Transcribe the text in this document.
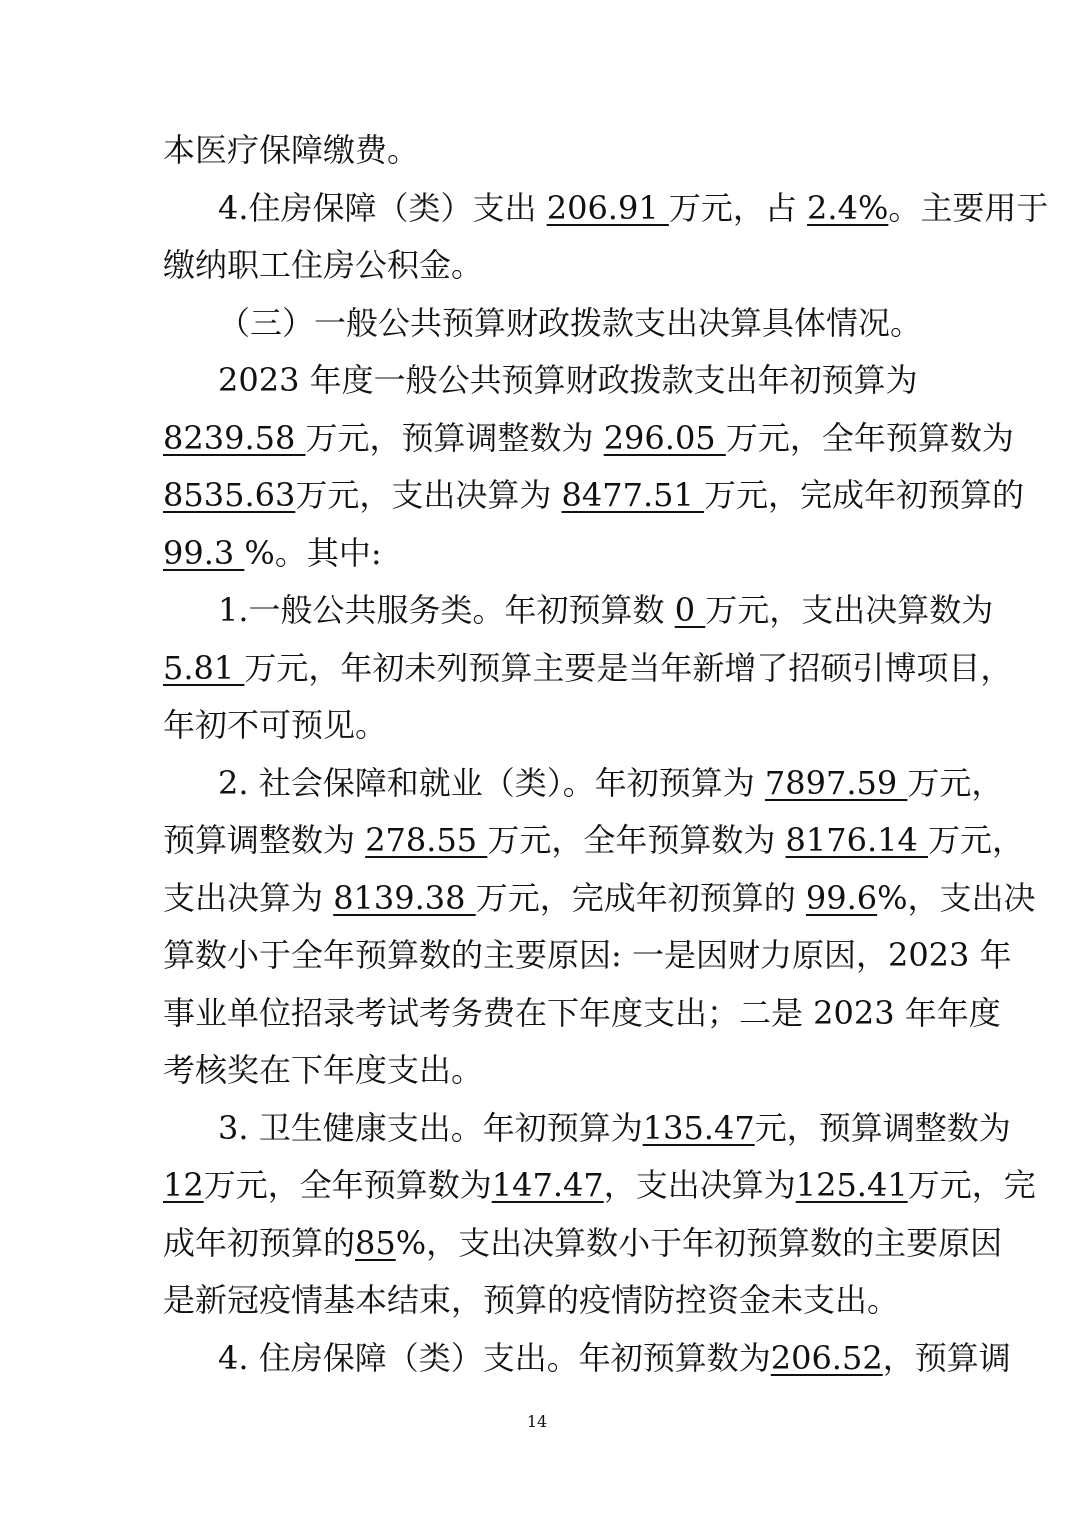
本医疗保障缴费。
4.住房保障（类）支出 206.91 万元，占 2.4%。主要用于
缴纳职工住房公积金。
（三）一般公共预算财政拨款支出决算具体情况。
2023 年度一般公共预算财政拨款支出年初预算为
8239.58 万元，预算调整数为 296.05 万元，全年预算数为
8535.63万元，支出决算为 8477.51 万元，完成年初预算的
99.3 %。其中:
1.一般公共服务类。年初预算数 0 万元，支出决算数为
5.81 万元，年初未列预算主要是当年新增了招硕引博项目，
年初不可预见。
2. 社会保障和就业（类）。年初预算为 7897.59 万元，
预算调整数为 278.55 万元，全年预算数为 8176.14 万元，
支出决算为 8139.38 万元，完成年初预算的 99.6%，支出决
算数小于全年预算数的主要原因: 一是因财力原因，2023 年
事业单位招录考试考务费在下年度支出；二是 2023 年年度
考核奖在下年度支出。
3. 卫生健康支出。年初预算为135.47元，预算调整数为
12万元，全年预算数为147.47，支出决算为125.41万元，完
成年初预算的85%，支出决算数小于年初预算数的主要原因
是新冠疫情基本结束，预算的疫情防控资金未支出。
4. 住房保障（类）支出。年初预算数为206.52，预算调
14
